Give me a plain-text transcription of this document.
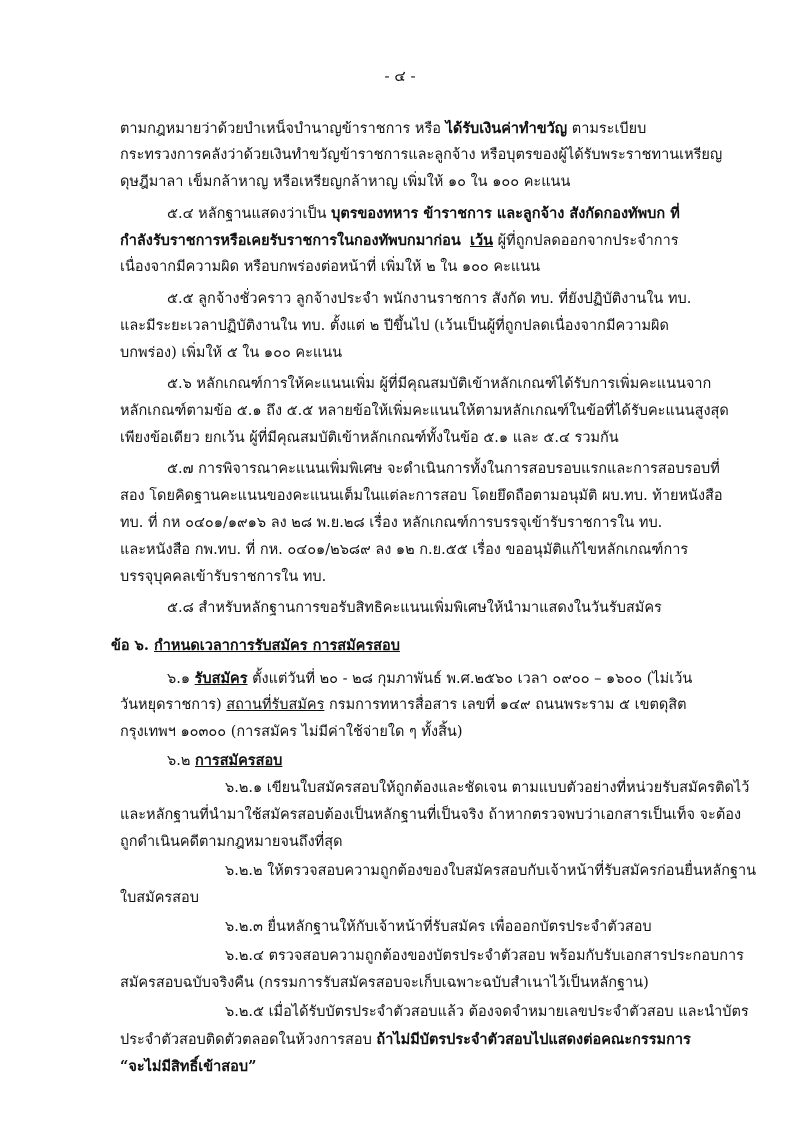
- ๔ -
ตามกฎหมายว่าด้วยบำเหน็จบำนาญข้าราชการ หรือ ได้รับเงินค่าทำขวัญ ตามระเบียบ
กระทรวงการคลังว่าด้วยเงินทำขวัญข้าราชการและลูกจ้าง หรือบุตรของผู้ได้รับพระราชทานเหรียญ
ดุษฎีมาลา เข็มกล้าหาญ หรือเหรียญกล้าหาญ เพิ่มให้ ๑๐ ใน ๑๐๐ คะแนน
๕.๔ หลักฐานแสดงว่าเป็น บุตรของทหาร ข้าราชการ และลูกจ้าง สังกัดกองทัพบก ที่
กำลังรับราชการหรือเคยรับราชการในกองทัพบกมาก่อน เว้น ผู้ที่ถูกปลดออกจากประจำการ
เนื่องจากมีความผิด หรือบกพร่องต่อหน้าที่ เพิ่มให้ ๒ ใน ๑๐๐ คะแนน
๕.๕ ลูกจ้างชั่วคราว ลูกจ้างประจำ พนักงานราชการ สังกัด ทบ. ที่ยังปฏิบัติงานใน ทบ.
และมีระยะเวลาปฏิบัติงานใน ทบ. ตั้งแต่ ๒ ปีขึ้นไป (เว้นเป็นผู้ที่ถูกปลดเนื่องจากมีความผิด
บกพร่อง) เพิ่มให้ ๕ ใน ๑๐๐ คะแนน
๕.๖ หลักเกณฑ์การให้คะแนนเพิ่ม ผู้ที่มีคุณสมบัติเข้าหลักเกณฑ์ได้รับการเพิ่มคะแนนจาก
หลักเกณฑ์ตามข้อ ๕.๑ ถึง ๕.๕ หลายข้อให้เพิ่มคะแนนให้ตามหลักเกณฑ์ในข้อที่ได้รับคะแนนสูงสุด
เพียงข้อเดียว ยกเว้น ผู้ที่มีคุณสมบัติเข้าหลักเกณฑ์ทั้งในข้อ ๕.๑ และ ๕.๔ รวมกัน
๕.๗ การพิจารณาคะแนนเพิ่มพิเศษ จะดำเนินการทั้งในการสอบรอบแรกและการสอบรอบที่
สอง โดยคิดฐานคะแนนของคะแนนเต็มในแต่ละการสอบ โดยยึดถือตามอนุมัติ ผบ.ทบ. ท้ายหนังสือ
ทบ. ที่ กห ๐๔๐๑/๑๙๑๖ ลง ๒๘ พ.ย.๒๘ เรื่อง หลักเกณฑ์การบรรจุเข้ารับราชการใน ทบ.
และหนังสือ กพ.ทบ. ที่ กห. ๐๔๐๑/๒๖๘๙ ลง ๑๒ ก.ย.๕๕ เรื่อง ขออนุมัติแก้ไขหลักเกณฑ์การ
บรรจุบุคคลเข้ารับราชการใน ทบ.
๕.๘ สำหรับหลักฐานการขอรับสิทธิคะแนนเพิ่มพิเศษให้นำมาแสดงในวันรับสมัคร
ข้อ ๖. กำหนดเวลาการรับสมัคร การสมัครสอบ
๖.๑ รับสมัคร ตั้งแต่วันที่ ๒๐ - ๒๘ กุมภาพันธ์ พ.ศ.๒๕๖๐ เวลา ๐๙๐๐ – ๑๖๐๐ (ไม่เว้น
วันหยุดราชการ) สถานที่รับสมัคร กรมการทหารสื่อสาร เลขที่ ๑๔๙ ถนนพระราม ๕ เขตดุสิต
กรุงเทพฯ ๑๐๓๐๐ (การสมัคร ไม่มีค่าใช้จ่ายใด ๆ ทั้งสิ้น)
๖.๒ การสมัครสอบ
๖.๒.๑ เขียนใบสมัครสอบให้ถูกต้องและชัดเจน ตามแบบตัวอย่างที่หน่วยรับสมัครติดไว้
และหลักฐานที่นำมาใช้สมัครสอบต้องเป็นหลักฐานที่เป็นจริง ถ้าหากตรวจพบว่าเอกสารเป็นเท็จ จะต้อง
ถูกดำเนินคดีตามกฎหมายจนถึงที่สุด
๖.๒.๒ ให้ตรวจสอบความถูกต้องของใบสมัครสอบกับเจ้าหน้าที่รับสมัครก่อนยื่นหลักฐาน
ใบสมัครสอบ
๖.๒.๓ ยื่นหลักฐานให้กับเจ้าหน้าที่รับสมัคร เพื่อออกบัตรประจำตัวสอบ
๖.๒.๔ ตรวจสอบความถูกต้องของบัตรประจำตัวสอบ พร้อมกับรับเอกสารประกอบการ
สมัครสอบฉบับจริงคืน (กรรมการรับสมัครสอบจะเก็บเฉพาะฉบับสำเนาไว้เป็นหลักฐาน)
๖.๒.๕ เมื่อได้รับบัตรประจำตัวสอบแล้ว ต้องจดจำหมายเลขประจำตัวสอบ และนำบัตร
ประจำตัวสอบติดตัวตลอดในห้วงการสอบ ถ้าไม่มีบัตรประจำตัวสอบไปแสดงต่อคณะกรรมการ
“จะไม่มีสิทธิ์เข้าสอบ”
